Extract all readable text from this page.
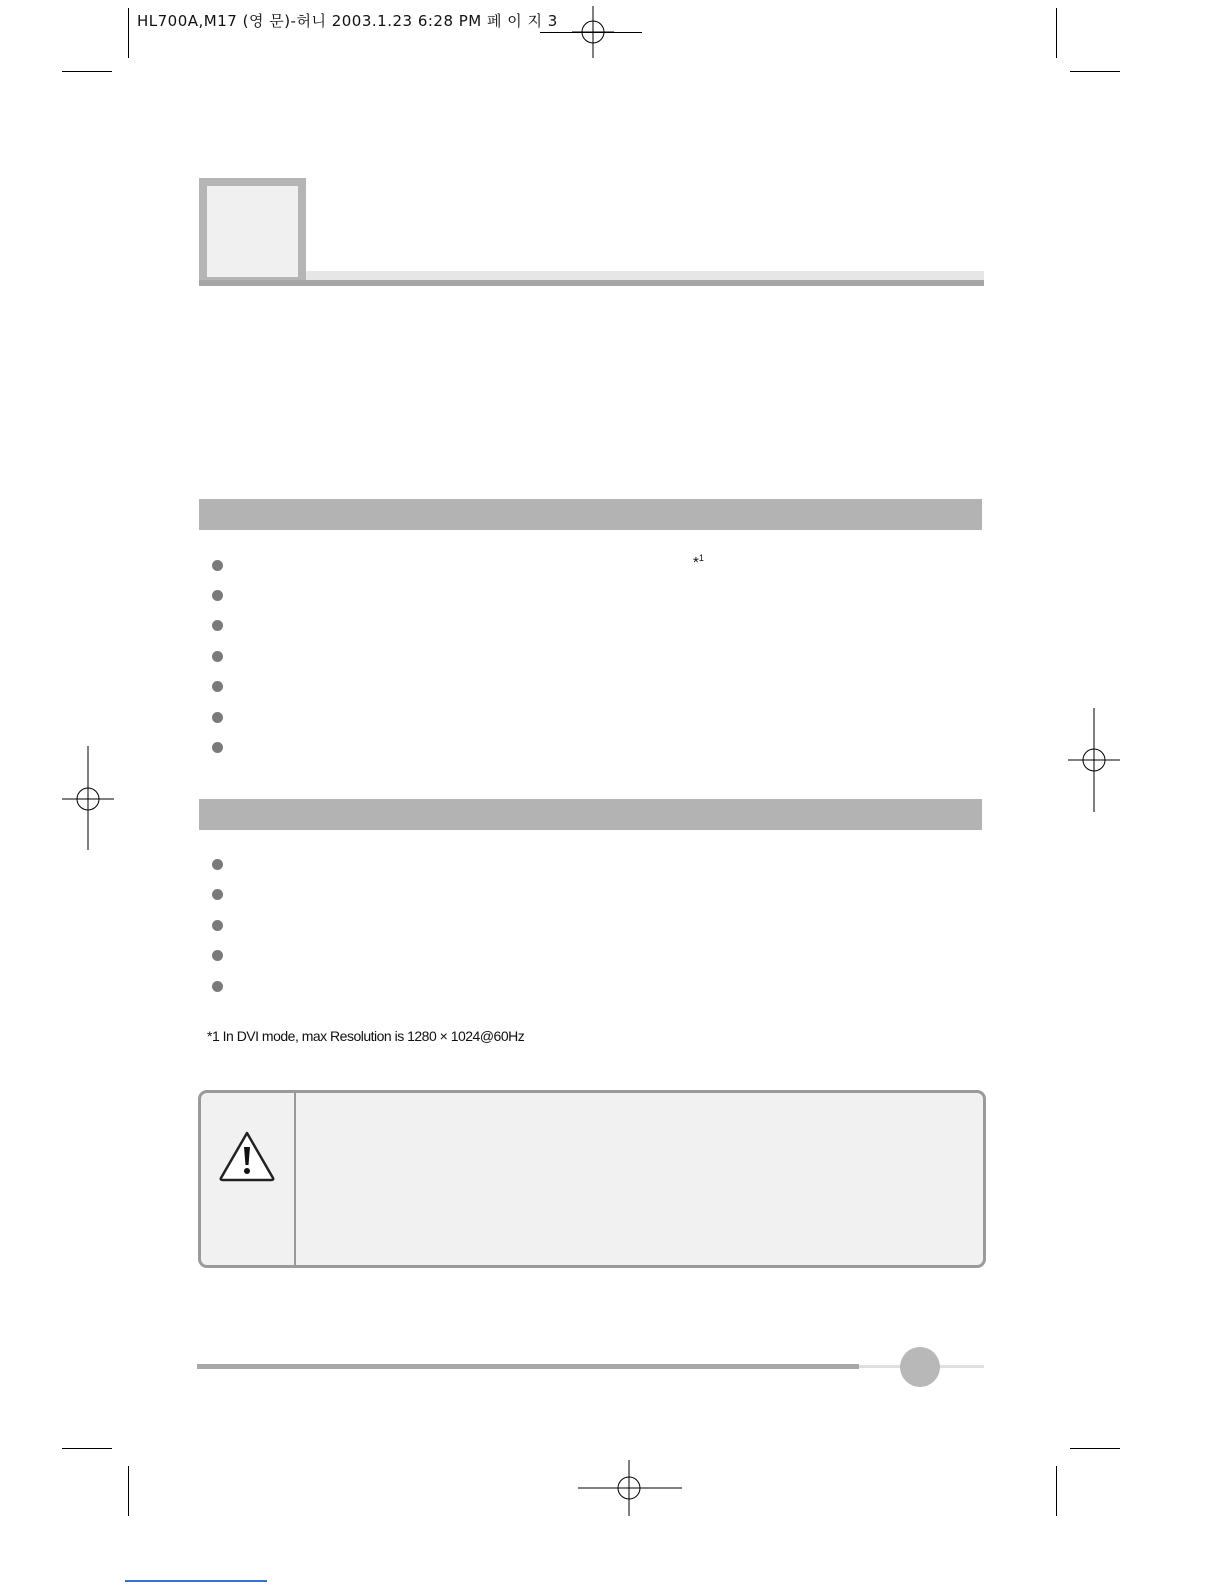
HL700A,M17 (영 문)-허니 2003.1.23 6:28 PM 페 이 지 3
*$^1$
*1 In DVI mode, max Resolution is 1280 × 1024@60Hz
